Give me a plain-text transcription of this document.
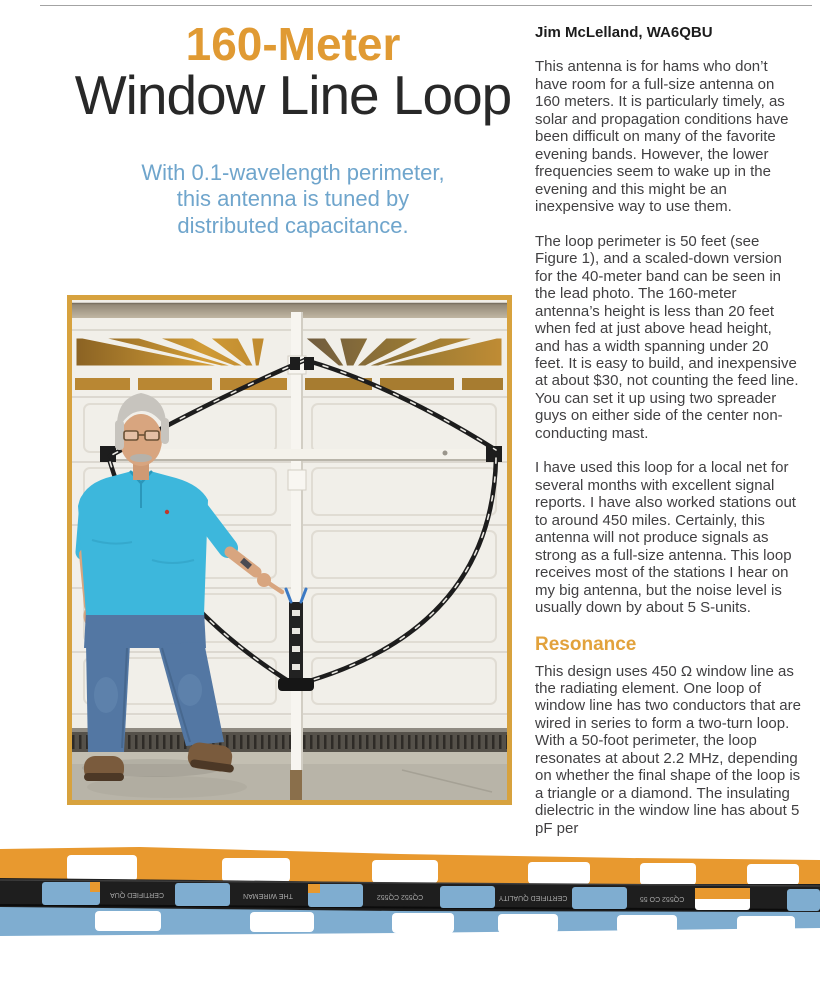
160-Meter
Window Line Loop
With 0.1-wavelength perimeter,
this antenna is tuned by
distributed capacitance.

Jim McLelland, WA6QBU

This antenna is for hams who don’t have room for a full-size antenna on 160 meters. It is particularly timely, as solar and propagation conditions have been difficult on many of the favorite evening bands. However, the lower frequencies seem to wake up in the evening and this might be an inexpensive way to use them.

The loop perimeter is 50 feet (see Figure 1), and a scaled-down version for the 40-meter band can be seen in the lead photo. The 160-meter antenna’s height is less than 20 feet when fed at just above head height, and has a width spanning under 20 feet. It is easy to build, and inexpensive at about $30, not counting the feed line. You can set it up using two spreader guys on either side of the center non-conducting mast.

I have used this loop for a local net for several months with excellent signal reports. I have also worked stations out to around 450 miles. Certainly, this antenna will not produce signals as strong as a full-size antenna. This loop receives most of the stations I hear on my big antenna, but the noise level is usually down by about 5 S-units.

Resonance

This design uses 450 Ω window line as the radiating element. One loop of window line has two conductors that are wired in series to form a two-turn loop. With a 50-foot perimeter, the loop resonates at about 2.2 MHz, depending on whether the final shape of the loop is a triangle or a diamond. The insulating dielectric in the window line has about 5 pF per

CERTIFIED QUA	THE WIREMAN	CQ552 CQ552	CERTIFIED QUALITY	CQ552 CO 55
